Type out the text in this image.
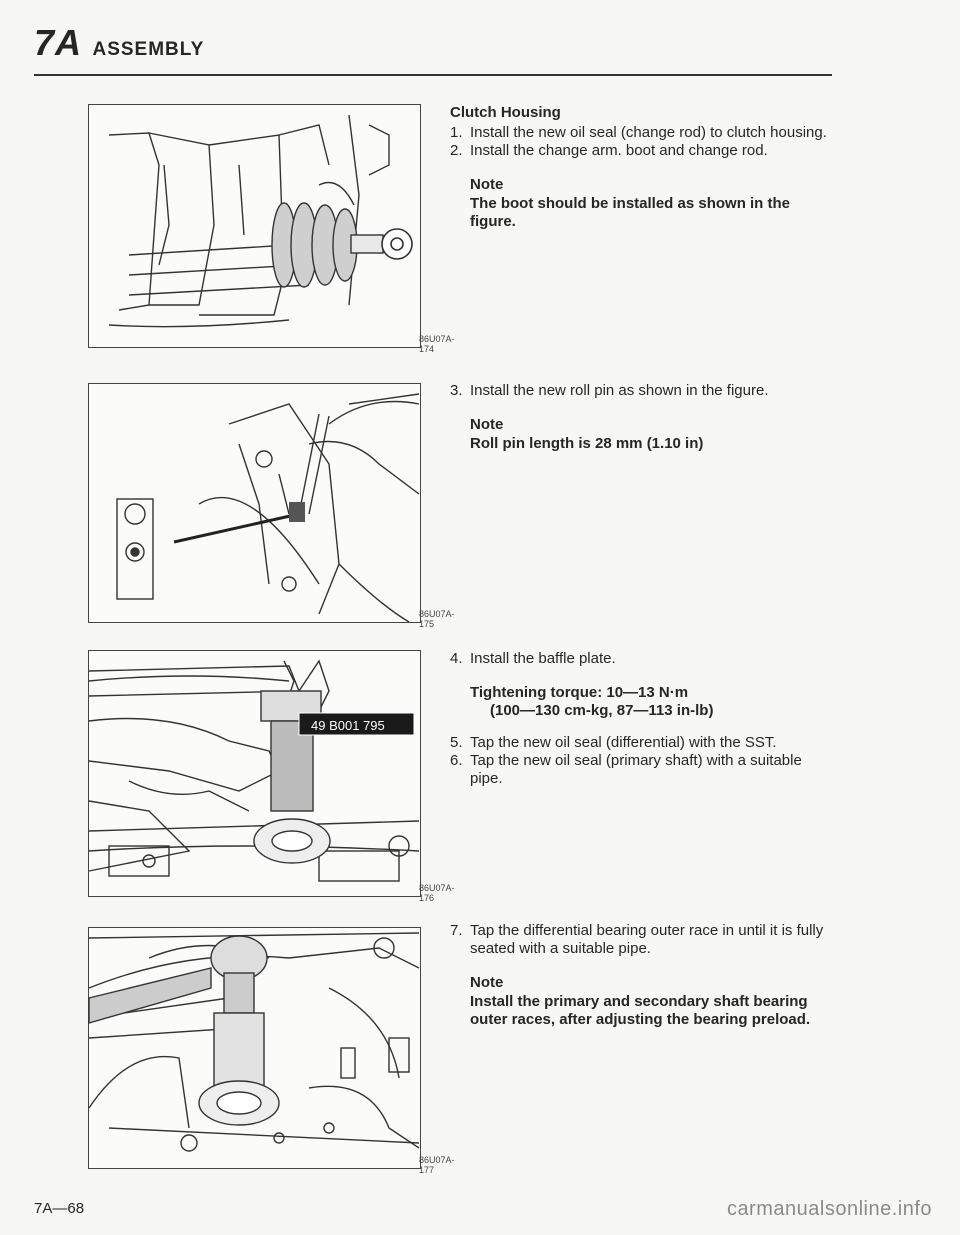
7A ASSEMBLY
86U07A-174
86U07A-175
49 B001 795
86U07A-176
86U07A-177
Clutch Housing
1. Install the new oil seal (change rod) to clutch housing.
2. Install the change arm. boot and change rod.
Note
The boot should be installed as shown in the figure.
3. Install the new roll pin as shown in the figure.
Note
Roll pin length is 28 mm (1.10 in)
4. Install the baffle plate.
Tightening torque: 10—13 N·m
(100—130 cm-kg, 87—113 in-lb)
5. Tap the new oil seal (differential) with the SST.
6. Tap the new oil seal (primary shaft) with a suitable pipe.
7. Tap the differential bearing outer race in until it is fully seated with a suitable pipe.
Note
Install the primary and secondary shaft bearing outer races, after adjusting the bearing preload.
7A—68	carmanualsonline.info
